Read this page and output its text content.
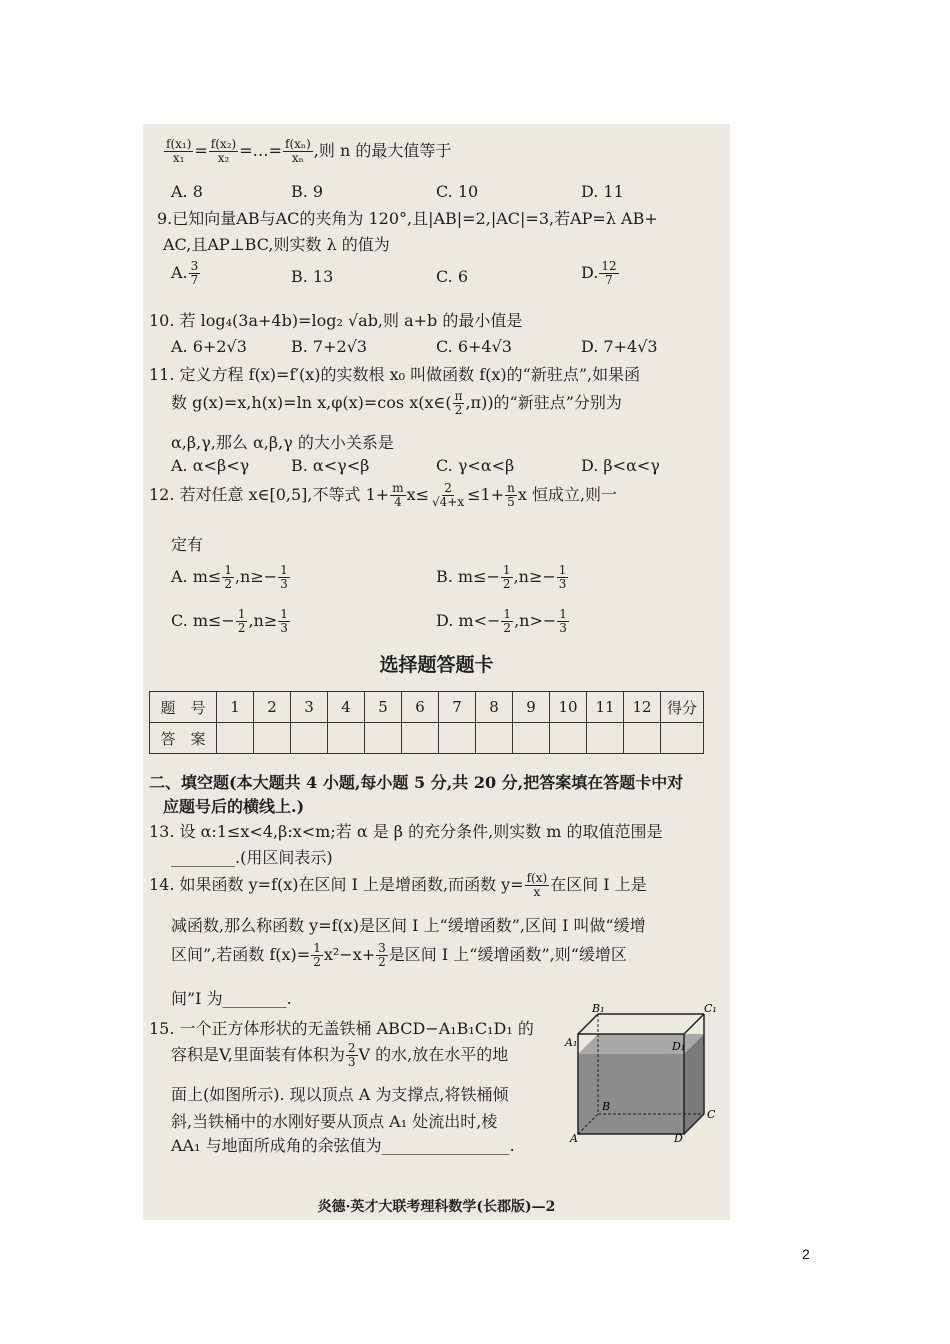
$\frac{\text{f(x₁)}}{\text{x₁}} = \frac{\text{f(x₂)}}{\text{x₂}}$ =…= $\frac{\text{f(xₙ)}}{\text{xₙ}}$ ,则 n 的最大值等于
A. 8	B. 9	C. 10	D. 11
9.已知向量AB与AC的夹角为 120°,且|AB|=2,|AC|=3,若AP=λ AB+
AC,且AP⊥BC,则实数 λ 的值为
A. $\frac{3}{7}$	B. 13	C. 6	D. $\frac{12}{7}$
10. 若 log₄(3a+4b)=log₂ √ab,则 a+b 的最小值是
A. 6+2√3	B. 7+2√3	C. 6+4√3	D. 7+4√3
11. 定义方程 f(x)=f′(x)的实数根 x₀ 叫做函数 f(x)的“新驻点”,如果函
数 g(x)=x,h(x)=ln x,φ(x)=cos x(x∈( $\frac{\pi}{2} ,\pi$))的“新驻点”分别为
α,β,γ,那么 α,β,γ 的大小关系是
A. α<β<γ	B. α<γ<β	C. γ<α<β	D. β<α<γ
12. 若对任意 x∈[0,5],不等式 $1+ \frac{m}{4} x\le \frac{2}{√4+x} \le 1+ \frac{n}{5}$ x 恒成立,则一
定有
A. $m\le \frac{1}{2} ,n\ge- \frac{1}{3}$	B. $m\le- \frac{1}{2} ,n\ge- \frac{1}{3}$
C. $m\le- \frac{1}{2} ,n\ge \frac{1}{3}$	D. $m<- \frac{1}{2} ,n>- \frac{1}{3}$
选择题答题卡
题　号	1	2	3	4	5	6	7	8	9	10	11	12	得分
答　案													
二、填空题(本大题共 4 小题,每小题 5 分,共 20 分,把答案填在答题卡中对
应题号后的横线上.)
13. 设 α:1≤x<4,β:x<m;若 α 是 β 的充分条件,则实数 m 的取值范围是
________.(用区间表示)
14. 如果函数 y=f(x)在区间 I 上是增函数,而函数 $y= \frac{f(x)}{x}$ 在区间 I 上是
减函数,那么称函数 y=f(x)是区间 I 上“缓增函数”,区间 I 叫做“缓增
区间”,若函数 $f(x)= \frac{1}{2} x^2-x+ \frac{3}{2}$ 是区间 I 上“缓增函数”,则“缓增区
间”I 为________.
15. 一个正方体形状的无盖铁桶 ABCD−A₁B₁C₁D₁ 的
容积是V,里面装有体积为 $\frac{2}{3}$ V 的水,放在水平的地
面上(如图所示). 现以顶点 A 为支撑点,将铁桶倾
斜,当铁桶中的水刚好要从顶点 A₁ 处流出时,棱
AA₁ 与地面所成角的余弦值为________________.
B₁	C₁
A₁	D₁
B
C
A	D
炎德·英才大联考理科数学(长郡版)—2
2
